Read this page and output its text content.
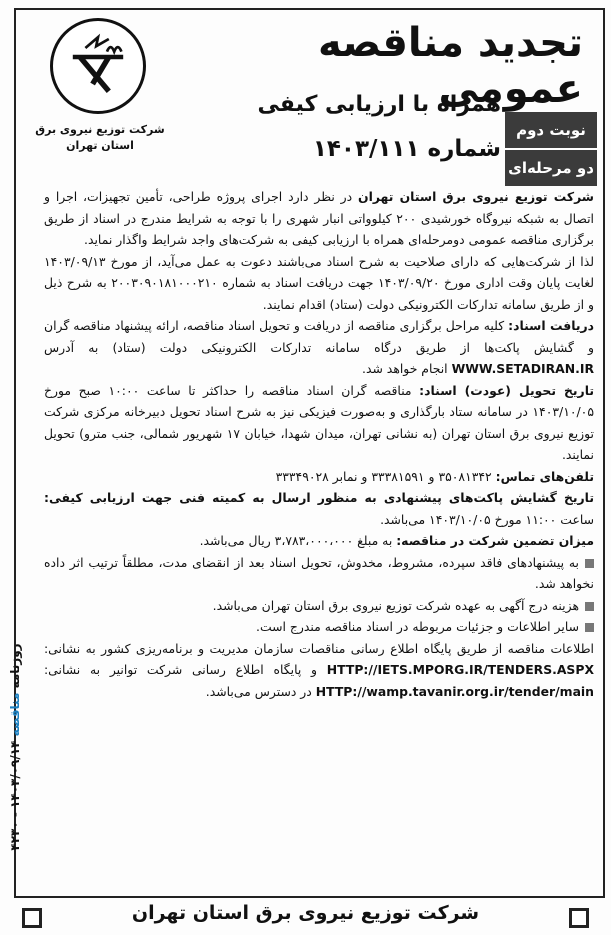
شرکت توزیع نیروی برق
استان تهران
تجدید مناقصه عمومی
همراه با ارزیابی کیفی
شماره ۱۴۰۳/۱۱۱
نوبت دوم
دو مرحله‌ای

شرکت توزیع نیروی برق استان تهران در نظر دارد اجرای پروژه طراحی، تأمین تجهیزات، اجرا و اتصال به شبکه نیروگاه خورشیدی ۲۰۰ کیلوواتی انبار شهری را با توجه به شرایط مندرج در اسناد از طریق برگزاری مناقصه عمومی دومرحله‌ای همراه با ارزیابی کیفی به شرکت‌های واجد شرایط واگذار نماید.

لذا از شرکت‌هایی که دارای صلاحیت به شرح اسناد می‌باشند دعوت به عمل می‌آید، از مورخ ۱۴۰۳/۰۹/۱۳ لغایت پایان وقت اداری مورخ ۱۴۰۳/۰۹/۲۰ جهت دریافت اسناد به شماره ۲۰۰۳۰۹۰۱۸۱۰۰۰۲۱۰ به شرح ذیل و از طریق سامانه تدارکات الکترونیکی دولت (ستاد) اقدام نمایند.

دریافت اسناد: کلیه مراحل برگزاری مناقصه از دریافت و تحویل اسناد مناقصه، ارائه پیشنهاد مناقصه گران و گشایش پاکت‌ها از طریق درگاه سامانه تدارکات الکترونیکی دولت (ستاد) به آدرس WWW.SETADIRAN.IR انجام خواهد شد.

تاریخ تحویل (عودت) اسناد: مناقصه گران اسناد مناقصه را حداکثر تا ساعت ۱۰:۰۰ صبح مورخ ۱۴۰۳/۱۰/۰۵ در سامانه ستاد بارگذاری و به‌صورت فیزیکی نیز به شرح اسناد تحویل دبیرخانه مرکزی شرکت توزیع نیروی برق استان تهران (به نشانی تهران، میدان شهدا، خیابان ۱۷ شهریور شمالی، جنب مترو) تحویل نمایند.

تلفن‌های تماس: ۳۵۰۸۱۳۴۲ و ۳۳۳۸۱۵۹۱ و نمابر ۳۳۳۴۹۰۲۸

تاریخ گشایش پاکت‌های پیشنهادی به منظور ارسال به کمیته فنی جهت ارزیابی کیفی: ساعت ۱۱:۰۰ مورخ ۱۴۰۳/۱۰/۰۵ می‌باشد.

میزان تضمین شرکت در مناقصه: به مبلغ ۳،۷۸۳،۰۰۰،۰۰۰ ریال می‌باشد.

به پیشنهادهای فاقد سپرده، مشروط، مخدوش، تحویل اسناد بعد از انقضای مدت، مطلقاً ترتیب اثر داده نخواهد شد.

هزینه درج آگهی به عهده شرکت توزیع نیروی برق استان تهران می‌باشد.

سایر اطلاعات و جزئیات مربوطه در اسناد مناقصه مندرج است.

اطلاعات مناقصه از طریق پایگاه اطلاع رسانی مناقصات سازمان مدیریت و برنامه‌ریزی کشور به نشانی: HTTP://IETS.MPORG.IR/TENDERS.ASPX و پایگاه اطلاع رسانی شرکت توانیر به نشانی: HTTP://wamp.tavanir.org.ir/tender/main در دسترس می‌باشد.

روزنامه مناقصه ۱۴۰۳/۰۹/۱۴ - ۴۲۳۰
شرکت توزیع نیروی برق استان تهران
